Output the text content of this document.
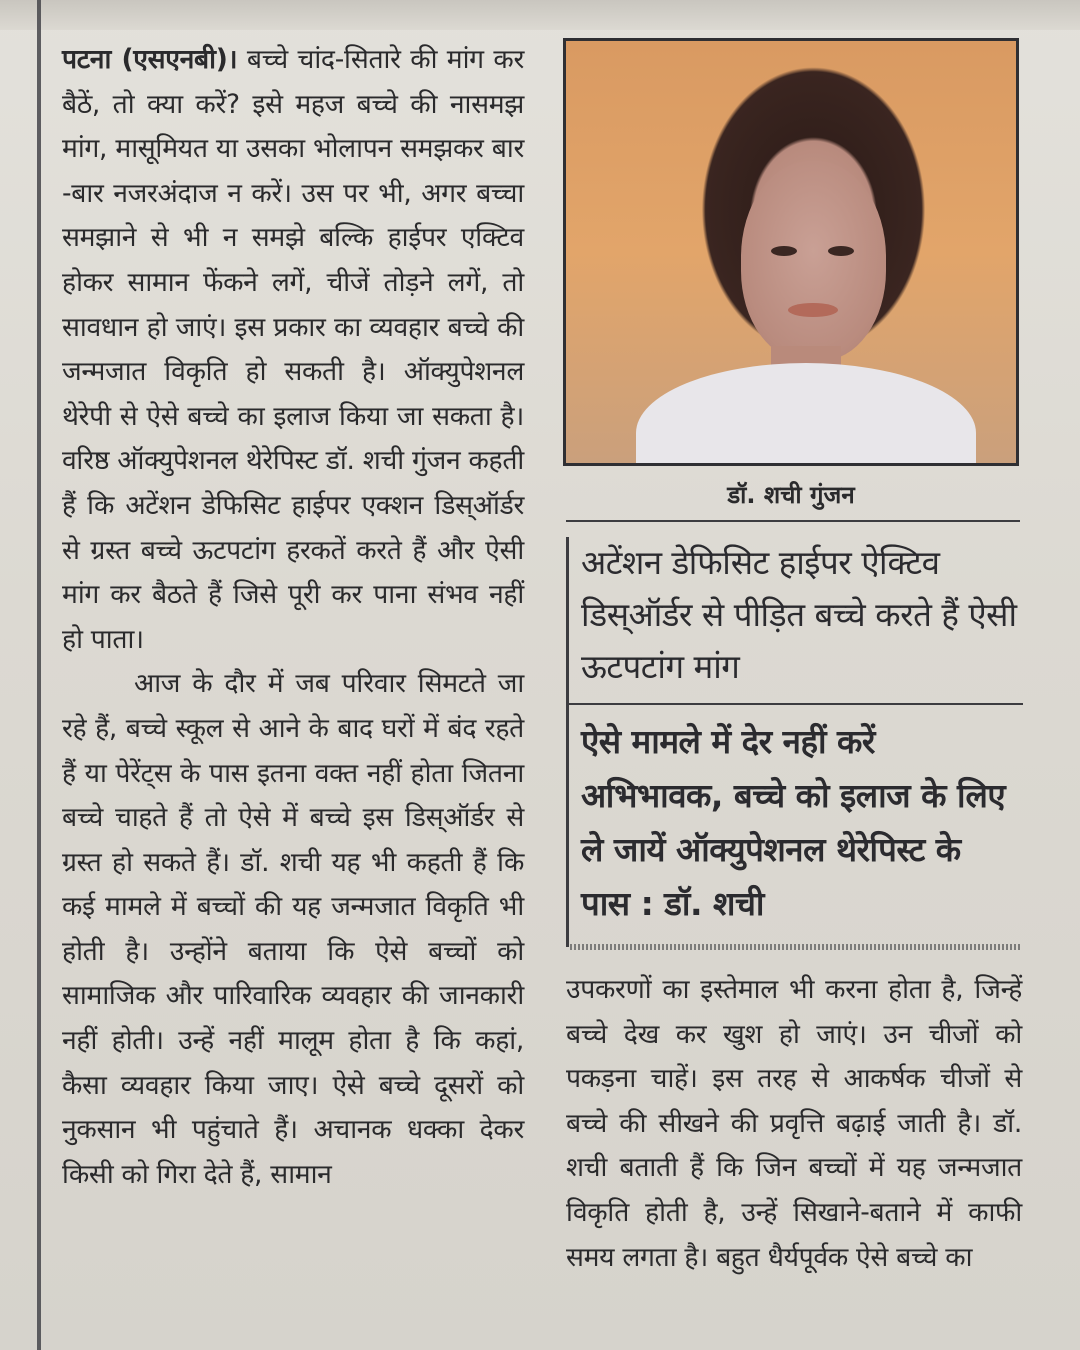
पटना (एसएनबी)। बच्चे चांद-सितारे की मांग कर बैठें, तो क्या करें? इसे महज बच्चे की नासमझ मांग, मासूमियत या उसका भोलापन समझकर बार -बार नजरअंदाज न करें। उस पर भी, अगर बच्चा समझाने से भी न समझे बल्कि हाईपर एक्टिव होकर सामान फेंकने लगें, चीजें तोड़ने लगें, तो सावधान हो जाएं। इस प्रकार का व्यवहार बच्चे की जन्मजात विकृति हो सकती है। ऑक्युपेशनल थेरेपी से ऐसे बच्चे का इलाज किया जा सकता है। वरिष्ठ ऑक्युपेशनल थेरेपिस्ट डॉ. शची गुंजन कहती हैं कि अटेंशन डेफिसिट हाईपर एक्शन डिस्ऑर्डर से ग्रस्त बच्चे ऊटपटांग हरकतें करते हैं और ऐसी मांग कर बैठते हैं जिसे पूरी कर पाना संभव नहीं हो पाता।

आज के दौर में जब परिवार सिमटते जा रहे हैं, बच्चे स्कूल से आने के बाद घरों में बंद रहते हैं या पेरेंट्स के पास इतना वक्त नहीं होता जितना बच्चे चाहते हैं तो ऐसे में बच्चे इस डिस्ऑर्डर से ग्रस्त हो सकते हैं। डॉ. शची यह भी कहती हैं कि कई मामले में बच्चों की यह जन्मजात विकृति भी होती है। उन्होंने बताया कि ऐसे बच्चों को सामाजिक और पारिवारिक व्यवहार की जानकारी नहीं होती। उन्हें नहीं मालूम होता है कि कहां, कैसा व्यवहार किया जाए। ऐसे बच्चे दूसरों को नुकसान भी पहुंचाते हैं। अचानक धक्का देकर किसी को गिरा देते हैं, सामान

डॉ. शची गुंजन
अटेंशन डेफिसिट हाईपर ऐक्टिव डिस्ऑर्डर से पीड़ित बच्चे करते हैं ऐसी ऊटपटांग मांग
ऐसे मामले में देर नहीं करें अभिभावक, बच्चे को इलाज के लिए ले जायें ऑक्युपेशनल थेरेपिस्ट के पास : डॉ. शची

उपकरणों का इस्तेमाल भी करना होता है, जिन्हें बच्चे देख कर खुश हो जाएं। उन चीजों को पकड़ना चाहें। इस तरह से आकर्षक चीजों से बच्चे की सीखने की प्रवृत्ति बढ़ाई जाती है। डॉ. शची बताती हैं कि जिन बच्चों में यह जन्मजात विकृति होती है, उन्हें सिखाने-बताने में काफी समय लगता है। बहुत धैर्यपूर्वक ऐसे बच्चे का
